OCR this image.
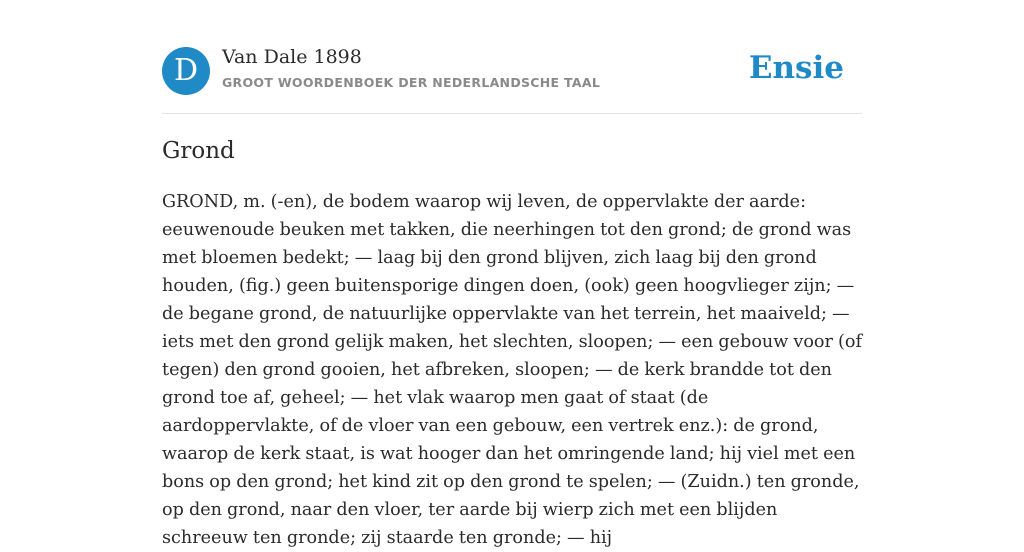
D	Van Dale 1898
GROOT WOORDENBOEK DER NEDERLANDSCHE TAAL	Ensie
Grond

GROND, m. (-en), de bodem waarop wij leven, de oppervlakte der aarde: eeuwenoude beuken met takken, die neerhingen tot den grond; de grond was met bloemen bedekt; — laag bij den grond blijven, zich laag bij den grond houden, (fig.) geen buitensporige dingen doen, (ook) geen hoogvlieger zijn; — de begane grond, de natuurlijke oppervlakte van het terrein, het maaiveld; — iets met den grond gelijk maken, het slechten, sloopen; — een gebouw voor (of tegen) den grond gooien, het afbreken, sloopen; — de kerk brandde tot den grond toe af, geheel; — het vlak waarop men gaat of staat (de aardoppervlakte, of de vloer van een gebouw, een vertrek enz.): de grond, waarop de kerk staat, is wat hooger dan het omringende land; hij viel met een bons op den grond; het kind zit op den grond te spelen; — (Zuidn.) ten gronde, op den grond, naar den vloer, ter aarde bij wierp zich met een blijden schreeuw ten gronde; zij staarde ten gronde; — hij
